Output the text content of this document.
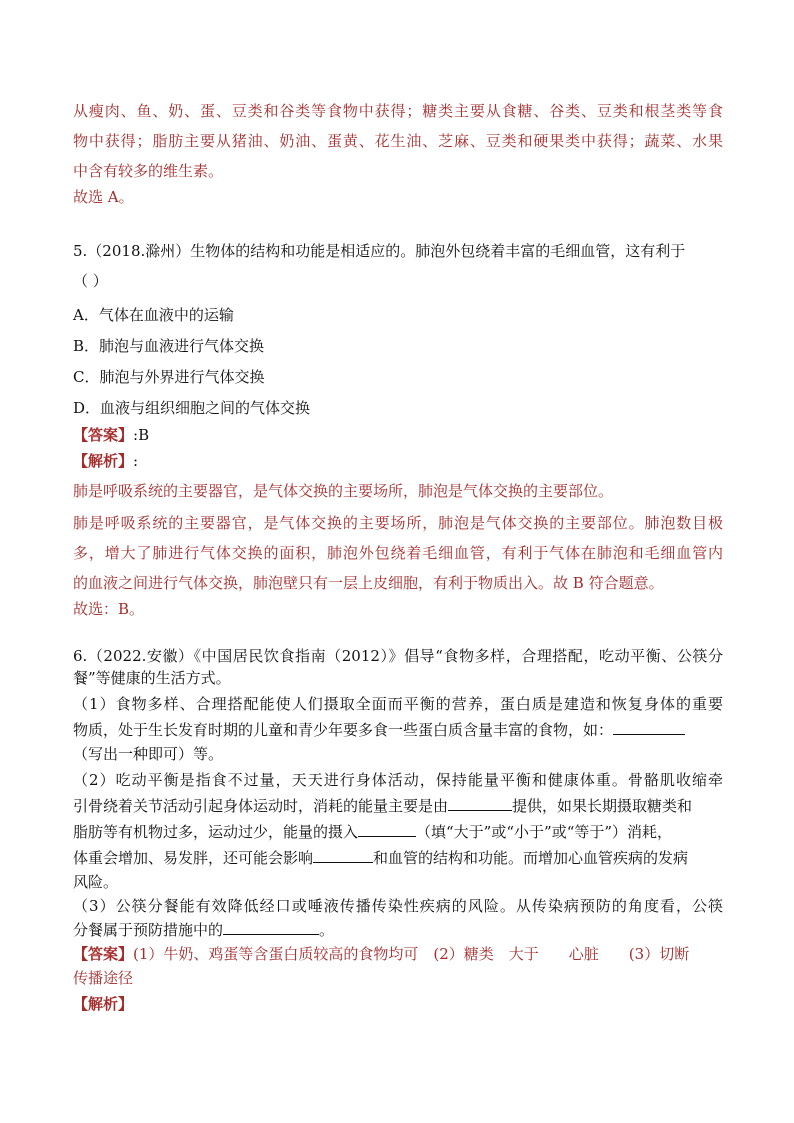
从瘦肉、鱼、奶、蛋、豆类和谷类等食物中获得；糖类主要从食糖、谷类、豆类和根茎类等食
物中获得；脂肪主要从猪油、奶油、蛋黄、花生油、芝麻、豆类和硬果类中获得；蔬菜、水果
中含有较多的维生素。
故选 A。
5.（2018.滁州）生物体的结构和功能是相适应的。肺泡外包绕着丰富的毛细血管，这有利于
（ ）
A．气体在血液中的运输
B．肺泡与血液进行气体交换
C．肺泡与外界进行气体交换
D．血液与组织细胞之间的气体交换
【答案】:B
【解析】:
肺是呼吸系统的主要器官，是气体交换的主要场所，肺泡是气体交换的主要部位。
肺是呼吸系统的主要器官，是气体交换的主要场所，肺泡是气体交换的主要部位。肺泡数目极
多，增大了肺进行气体交换的面积，肺泡外包绕着毛细血管，有利于气体在肺泡和毛细血管内
的血液之间进行气体交换，肺泡壁只有一层上皮细胞，有利于物质出入。故 B 符合题意。
故选：B。
6.（2022.安徽）《中国居民饮食指南（2012）》倡导“食物多样，合理搭配，吃动平衡、公筷分
餐”等健康的生活方式。
（1）食物多样、合理搭配能使人们摄取全面而平衡的营养，蛋白质是建造和恢复身体的重要
物质，处于生长发育时期的儿童和青少年要多食一些蛋白质含量丰富的食物，如：
（写出一种即可）等。
（2）吃动平衡是指食不过量，天天进行身体活动，保持能量平衡和健康体重。骨骼肌收缩牵
引骨绕着关节活动引起身体运动时，消耗的能量主要是由	提供，如果长期摄取糖类和
脂肪等有机物过多，运动过少，能量的摄入	（填“大于”或“小于”或“等于”）消耗，
体重会增加、易发胖，还可能会影响	和血管的结构和功能。而增加心血管疾病的发病
风险。
（3）公筷分餐能有效降低经口或唾液传播传染性疾病的风险。从传染病预防的角度看，公筷
分餐属于预防措施中的	。
【答案】(1）牛奶、鸡蛋等含蛋白质较高的食物均可　(2）糖类　大于　　心脏　　(3）切断
传播途径
【解析】
